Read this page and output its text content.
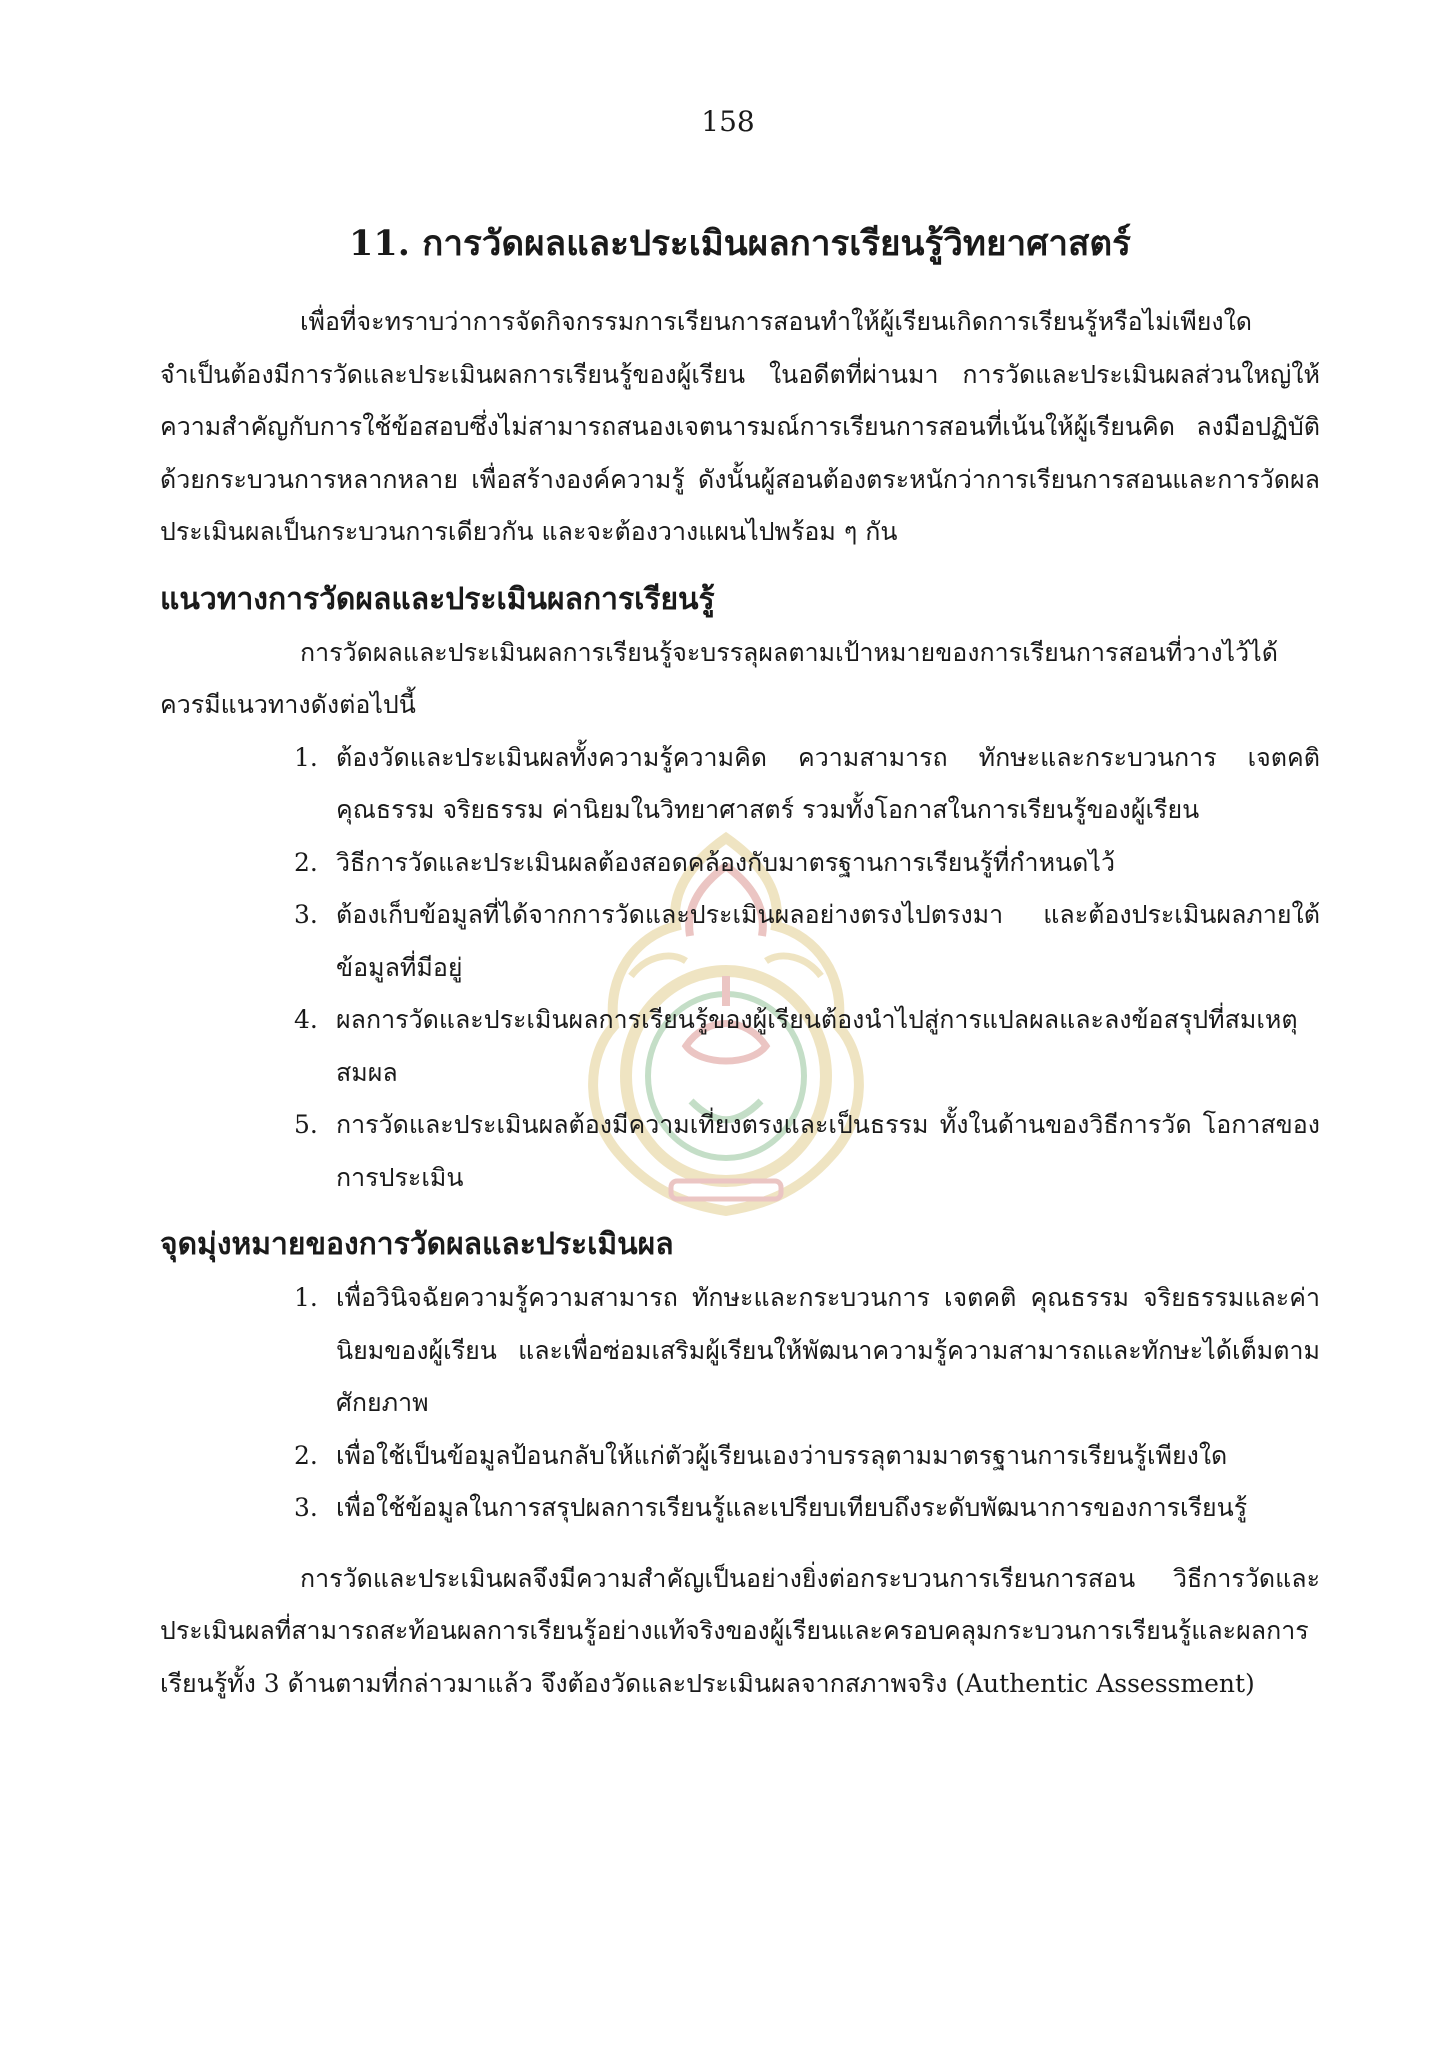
158
11. การวัดผลและประเมินผลการเรียนรู้วิทยาศาสตร์

เพื่อที่จะทราบว่าการจัดกิจกรรมการเรียนการสอนทำให้ผู้เรียนเกิดการเรียนรู้หรือไม่เพียงใด จำเป็นต้องมีการวัดและประเมินผลการเรียนรู้ของผู้เรียน ในอดีตที่ผ่านมา การวัดและประเมินผลส่วนใหญ่ให้ความสำคัญกับการใช้ข้อสอบซึ่งไม่สามารถสนองเจตนารมณ์การเรียนการสอนที่เน้นให้ผู้เรียนคิด ลงมือปฏิบัติด้วยกระบวนการหลากหลาย เพื่อสร้างองค์ความรู้ ดังนั้นผู้สอนต้องตระหนักว่าการเรียนการสอนและการวัดผลประเมินผลเป็นกระบวนการเดียวกัน และจะต้องวางแผนไปพร้อม ๆ กัน

แนวทางการวัดผลและประเมินผลการเรียนรู้

การวัดผลและประเมินผลการเรียนรู้จะบรรลุผลตามเป้าหมายของการเรียนการสอนที่วางไว้ได้ ควรมีแนวทางดังต่อไปนี้

1. ต้องวัดและประเมินผลทั้งความรู้ความคิด ความสามารถ ทักษะและกระบวนการ เจตคติ คุณธรรม จริยธรรม ค่านิยมในวิทยาศาสตร์ รวมทั้งโอกาสในการเรียนรู้ของผู้เรียน
2. วิธีการวัดและประเมินผลต้องสอดคล้องกับมาตรฐานการเรียนรู้ที่กำหนดไว้
3. ต้องเก็บข้อมูลที่ได้จากการวัดและประเมินผลอย่างตรงไปตรงมา และต้องประเมินผลภายใต้ข้อมูลที่มีอยู่
4. ผลการวัดและประเมินผลการเรียนรู้ของผู้เรียนต้องนำไปสู่การแปลผลและลงข้อสรุปที่สมเหตุสมผล
5. การวัดและประเมินผลต้องมีความเที่ยงตรงและเป็นธรรม ทั้งในด้านของวิธีการวัด โอกาสของการประเมิน
จุดมุ่งหมายของการวัดผลและประเมินผล
1. เพื่อวินิจฉัยความรู้ความสามารถ ทักษะและกระบวนการ เจตคติ คุณธรรม จริยธรรมและค่านิยมของผู้เรียน และเพื่อซ่อมเสริมผู้เรียนให้พัฒนาความรู้ความสามารถและทักษะได้เต็มตามศักยภาพ
2. เพื่อใช้เป็นข้อมูลป้อนกลับให้แก่ตัวผู้เรียนเองว่าบรรลุตามมาตรฐานการเรียนรู้เพียงใด
3. เพื่อใช้ข้อมูลในการสรุปผลการเรียนรู้และเปรียบเทียบถึงระดับพัฒนาการของการเรียนรู้

การวัดและประเมินผลจึงมีความสำคัญเป็นอย่างยิ่งต่อกระบวนการเรียนการสอน วิธีการวัดและประเมินผลที่สามารถสะท้อนผลการเรียนรู้อย่างแท้จริงของผู้เรียนและครอบคลุมกระบวนการเรียนรู้และผลการเรียนรู้ทั้ง 3 ด้านตามที่กล่าวมาแล้ว จึงต้องวัดและประเมินผลจากสภาพจริง (Authentic Assessment)
